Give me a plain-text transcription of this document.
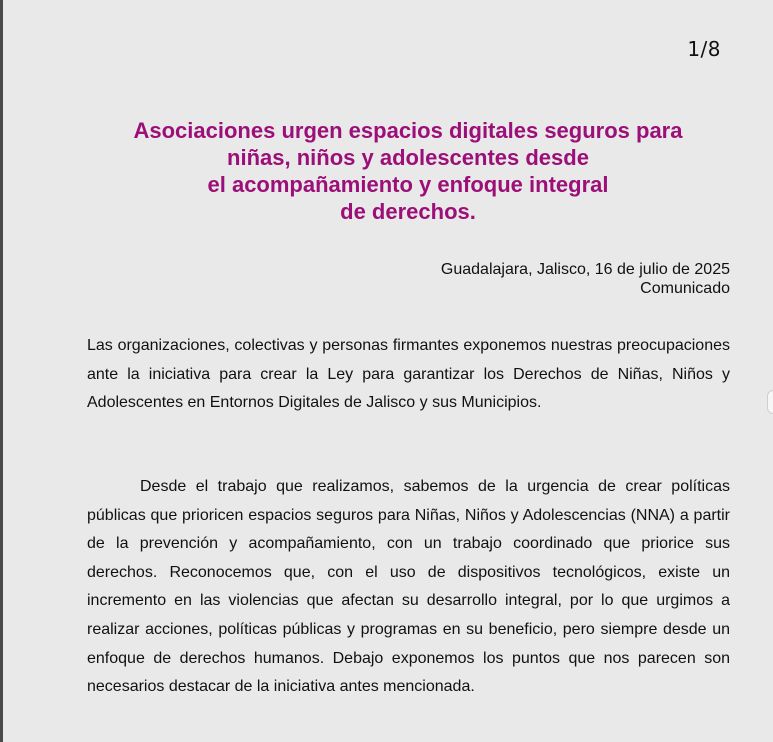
1/8
Asociaciones urgen espacios digitales seguros para
niñas, niños y adolescentes desde
el acompañamiento y enfoque integral
de derechos.
Guadalajara, Jalisco, 16 de julio de 2025
Comunicado

Las organizaciones, colectivas y personas firmantes exponemos nuestras preocupaciones ante la iniciativa para crear la Ley para garantizar los Derechos de Niñas, Niños y Adolescentes en Entornos Digitales de Jalisco y sus Municipios.

Desde el trabajo que realizamos, sabemos de la urgencia de crear políticas públicas que prioricen espacios seguros para Niñas, Niños y Adolescencias (NNA) a partir de la prevención y acompañamiento, con un trabajo coordinado que priorice sus derechos. Reconocemos que, con el uso de dispositivos tecnológicos, existe un incremento en las violencias que afectan su desarrollo integral, por lo que urgimos a realizar acciones, políticas públicas y programas en su beneficio, pero siempre desde un enfoque de derechos humanos. Debajo exponemos los puntos que nos parecen son necesarios destacar de la iniciativa antes mencionada.
